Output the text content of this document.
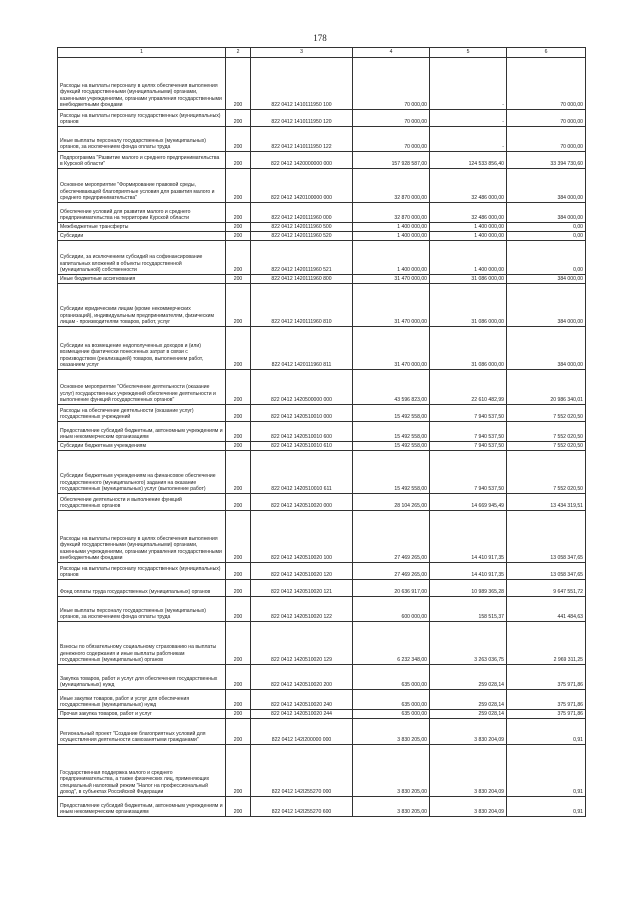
178
1	2	3	4	5	6
Расходы на выплаты персоналу в целях обеспечения выполнения функций государственными (муниципальными) органами, казенными учреждениями, органами управления государственными внебюджетными фондами	200	822 0412 1410111950 100	70 000,00	-	70 000,00
Расходы на выплаты персоналу государственных (муниципальных) органов	200	822 0412 1410111950 120	70 000,00	-	70 000,00
Иные выплаты персоналу государственных (муниципальных) органов, за исключением фонда оплаты труда	200	822 0412 1410111950 122	70 000,00	-	70 000,00
Подпрограмма "Развитие малого и среднего предпринимательства в Курской области"	200	822 0412 1420000000 000	157 928 587,00	124 533 856,40	33 394 730,60
Основное мероприятие "Формирование правовой среды, обеспечивающей благоприятные условия для развития малого и среднего предпринимательства"	200	822 0412 1420100000 000	32 870 000,00	32 486 000,00	384 000,00
Обеспечение условий для развития малого и среднего предпринимательства на территории Курской области	200	822 0412 1420111960 000	32 870 000,00	32 486 000,00	384 000,00
Межбюджетные трансферты	200	822 0412 1420111960 500	1 400 000,00	1 400 000,00	0,00
Субсидии	200	822 0412 1420111960 520	1 400 000,00	1 400 000,00	0,00
Субсидии, за исключением субсидий на софинансирование капитальных вложений в объекты государственной (муниципальной) собственности	200	822 0412 1420111960 521	1 400 000,00	1 400 000,00	0,00
Иные бюджетные ассигнования	200	822 0412 1420111960 800	31 470 000,00	31 086 000,00	384 000,00
Субсидии юридическим лицам (кроме некоммерческих организаций), индивидуальным предпринимателям, физическим лицам - производителям товаров, работ, услуг	200	822 0412 1420111960 810	31 470 000,00	31 086 000,00	384 000,00
Субсидии на возмещение недополученных доходов и (или) возмещение фактически понесенных затрат в связи с производством (реализацией) товаров, выполнением работ, оказанием услуг	200	822 0412 1420111960 811	31 470 000,00	31 086 000,00	384 000,00
Основное мероприятие "Обеспечение деятельности (оказание услуг) государственных учреждений обеспечение деятельности и выполнение функций государственных органов"	200	822 0412 1420500000 000	43 596 823,00	22 610 482,99	20 986 340,01
Расходы на обеспечение деятельности (оказание услуг) государственных учреждений	200	822 0412 1420510010 000	15 492 558,00	7 940 537,50	7 552 020,50
Предоставление субсидий бюджетным, автономным учреждениям и иным некоммерческим организациям	200	822 0412 1420510010 600	15 492 558,00	7 940 537,50	7 552 020,50
Субсидии бюджетным учреждениям	200	822 0412 1420510010 610	15 492 558,00	7 940 537,50	7 552 020,50
Субсидии бюджетным учреждениям на финансовое обеспечение государственного (муниципального) задания на оказание государственных (муниципальных) услуг (выполнение работ)	200	822 0412 1420510010 611	15 492 558,00	7 940 537,50	7 552 020,50
Обеспечение деятельности и выполнение функций государственных органов	200	822 0412 1420510020 000	28 104 265,00	14 669 945,49	13 434 319,51
Расходы на выплаты персоналу в целях обеспечения выполнения функций государственными (муниципальными) органами, казенными учреждениями, органами управления государственными внебюджетными фондами	200	822 0412 1420510020 100	27 469 265,00	14 410 917,35	13 058 347,65
Расходы на выплаты персоналу государственных (муниципальных) органов	200	822 0412 1420510020 120	27 469 265,00	14 410 917,35	13 058 347,65
Фонд оплаты труда государственных (муниципальных) органов	200	822 0412 1420510020 121	20 636 917,00	10 989 365,28	9 647 551,72
Иные выплаты персоналу государственных (муниципальных) органов, за исключением фонда оплаты труда	200	822 0412 1420510020 122	600 000,00	158 515,37	441 484,63
Взносы по обязательному социальному страхованию на выплаты денежного содержания и иные выплаты работникам государственных (муниципальных) органов	200	822 0412 1420510020 129	6 232 348,00	3 263 036,75	2 969 311,25
Закупка товаров, работ и услуг для обеспечения государственных (муниципальных) нужд	200	822 0412 1420510020 200	635 000,00	259 028,14	375 971,86
Иные закупки товаров, работ и услуг для обеспечения государственных (муниципальных) нужд	200	822 0412 1420510020 240	635 000,00	259 028,14	375 971,86
Прочая закупка товаров, работ и услуг	200	822 0412 1420510020 244	635 000,00	259 028,14	375 971,86
Региональный проект "Создание благоприятных условий для осуществления деятельности самозанятыми гражданами"	200	822 0412 142I200000 000	3 830 205,00	3 830 204,09	0,91
Государственная поддержка малого и среднего предпринимательства, а также физических лиц, применяющих специальный налоговый режим "Налог на профессиональный доход", в субъектах Российской Федерации	200	822 0412 142I255270 000	3 830 205,00	3 830 204,09	0,91
Предоставление субсидий бюджетным, автономным учреждениям и иным некоммерческим организациям	200	822 0412 142I255270 600	3 830 205,00	3 830 204,09	0,91
